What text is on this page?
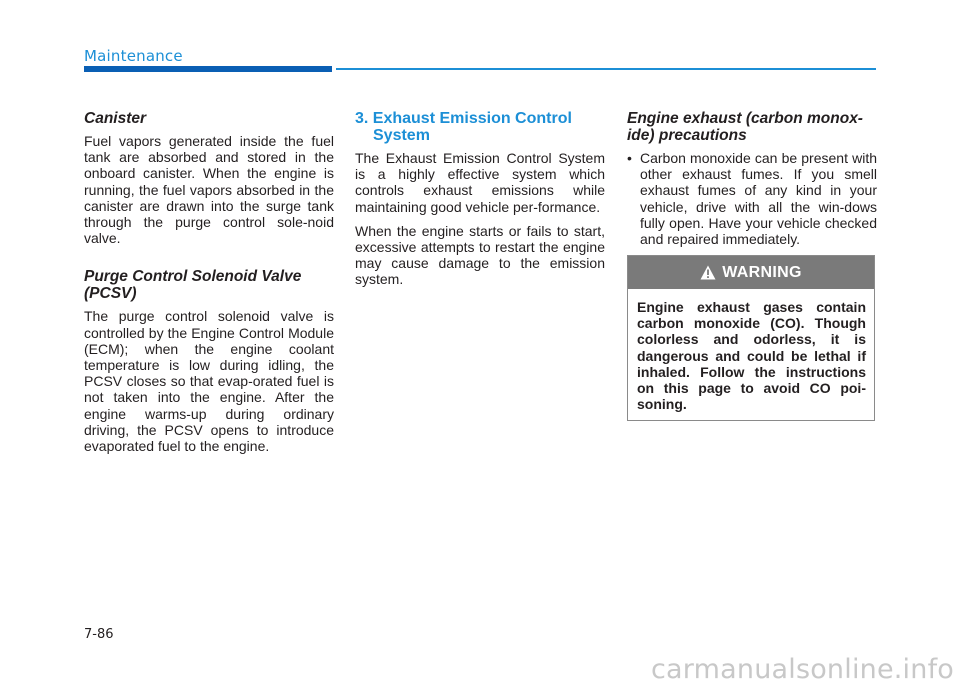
Maintenance
Canister

Fuel vapors generated inside the fuel tank are absorbed and stored in the onboard canister. When the engine is running, the fuel vapors absorbed in the canister are drawn into the surge tank through the purge control sole-noid valve.

Purge Control Solenoid Valve (PCSV)

The purge control solenoid valve is controlled by the Engine Control Module (ECM); when the engine coolant temperature is low during idling, the PCSV closes so that evap-orated fuel is not taken into the engine. After the engine warms-up during ordinary driving, the PCSV opens to introduce evaporated fuel to the engine.

3. Exhaust Emission Control System

The Exhaust Emission Control System is a highly effective system which controls exhaust emissions while maintaining good vehicle per-formance.

When the engine starts or fails to start, excessive attempts to restart the engine may cause damage to the emission system.

Engine exhaust (carbon monox-ide) precautions
• Carbon monoxide can be present with other exhaust fumes. If you smell exhaust fumes of any kind in your vehicle, drive with all the win-dows fully open. Have your vehicle checked and repaired immediately.
WARNING
Engine exhaust gases contain carbon monoxide (CO). Though colorless and odorless, it is dangerous and could be lethal if inhaled. Follow the instructions on this page to avoid CO poi-soning.
7-86
carmanualsonline.info
